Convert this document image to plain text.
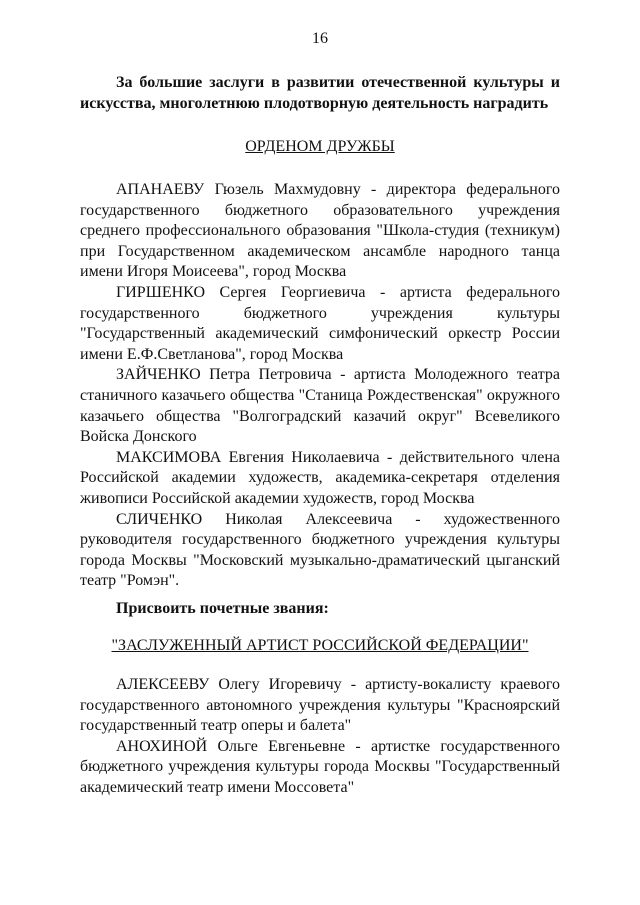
16

За большие заслуги в развитии отечественной культуры и искусства, многолетнюю плодотворную деятельность наградить

ОРДЕНОМ ДРУЖБЫ
АПАНАЕВУ Гюзель Махмудовну - директора федерального государственного бюджетного образовательного учреждения среднего профессионального образования "Школа-студия (техникум) при Государственном академическом ансамбле народного танца имени Игоря Моисеева", город Москва
ГИРШЕНКО Сергея Георгиевича - артиста федерального государственного бюджетного учреждения культуры "Государственный академический симфонический оркестр России имени Е.Ф.Светланова", город Москва
ЗАЙЧЕНКО Петра Петровича - артиста Молодежного театра станичного казачьего общества "Станица Рождественская" окружного казачьего общества "Волгоградский казачий округ" Всевеликого Войска Донского
МАКСИМОВА Евгения Николаевича - действительного члена Российской академии художеств, академика-секретаря отделения живописи Российской академии художеств, город Москва
СЛИЧЕНКО Николая Алексеевича - художественного руководителя государственного бюджетного учреждения культуры города Москвы "Московский музыкально-драматический цыганский театр "Ромэн".
Присвоить почетные звания:
"ЗАСЛУЖЕННЫЙ АРТИСТ РОССИЙСКОЙ ФЕДЕРАЦИИ"
АЛЕКСЕЕВУ Олегу Игоревичу - артисту-вокалисту краевого государственного автономного учреждения культуры "Красноярский государственный театр оперы и балета"
АНОХИНОЙ Ольге Евгеньевне - артистке государственного бюджетного учреждения культуры города Москвы "Государственный академический театр имени Моссовета"
